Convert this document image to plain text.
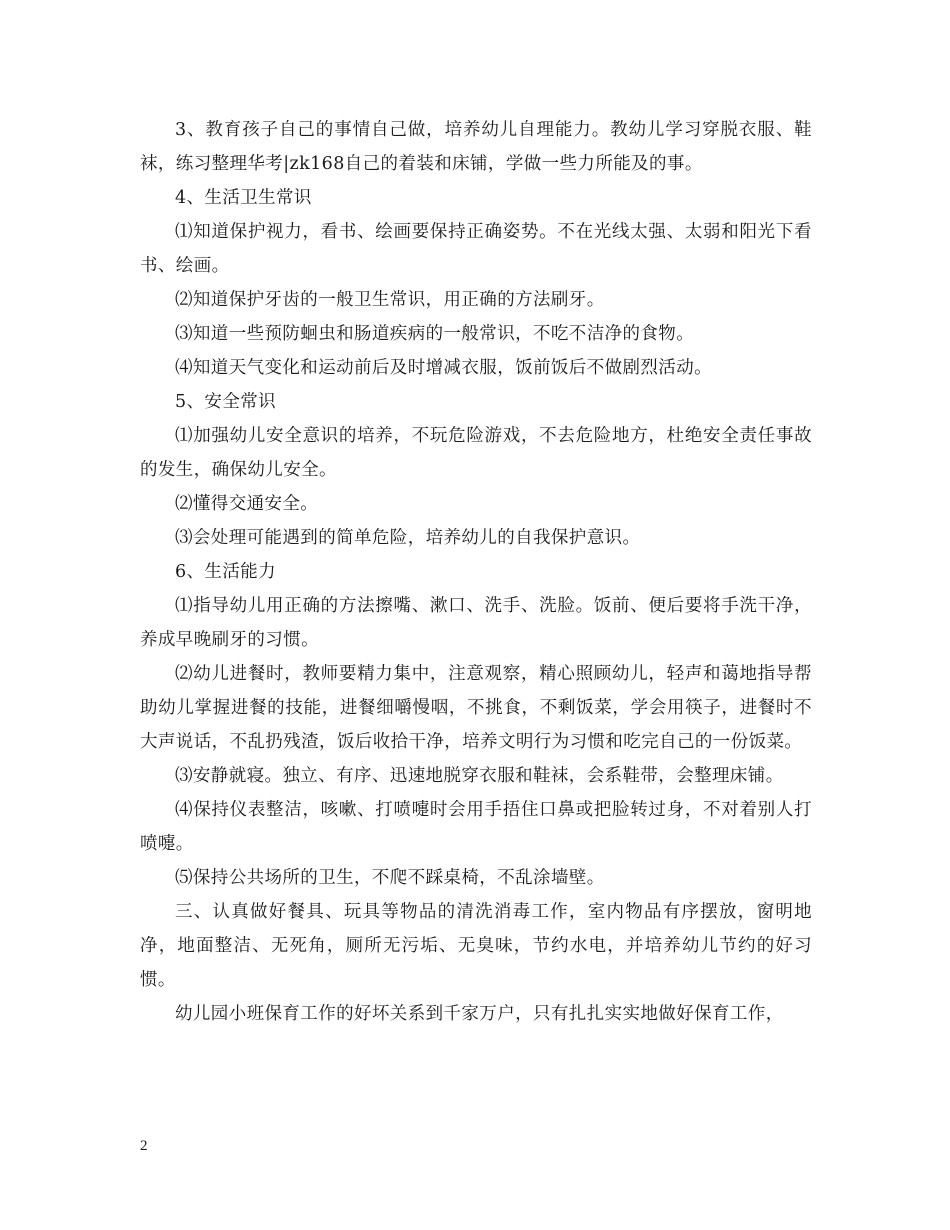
3、教育孩子自己的事情自己做，培养幼儿自理能力。教幼儿学习穿脱衣服、鞋袜，练习整理华考|zk168自己的着装和床铺，学做一些力所能及的事。

4、生活卫生常识

⑴知道保护视力，看书、绘画要保持正确姿势。不在光线太强、太弱和阳光下看书、绘画。

⑵知道保护牙齿的一般卫生常识，用正确的方法刷牙。

⑶知道一些预防蛔虫和肠道疾病的一般常识，不吃不洁净的食物。

⑷知道天气变化和运动前后及时增减衣服，饭前饭后不做剧烈活动。

5、安全常识

⑴加强幼儿安全意识的培养，不玩危险游戏，不去危险地方，杜绝安全责任事故的发生，确保幼儿安全。

⑵懂得交通安全。

⑶会处理可能遇到的简单危险，培养幼儿的自我保护意识。

6、生活能力

⑴指导幼儿用正确的方法擦嘴、漱口、洗手、洗脸。饭前、便后要将手洗干净，养成早晚刷牙的习惯。

⑵幼儿进餐时，教师要精力集中，注意观察，精心照顾幼儿，轻声和蔼地指导帮助幼儿掌握进餐的技能，进餐细嚼慢咽，不挑食，不剩饭菜，学会用筷子，进餐时不大声说话，不乱扔残渣，饭后收拾干净，培养文明行为习惯和吃完自己的一份饭菜。

⑶安静就寝。独立、有序、迅速地脱穿衣服和鞋袜，会系鞋带，会整理床铺。

⑷保持仪表整洁，咳嗽、打喷嚏时会用手捂住口鼻或把脸转过身，不对着别人打喷嚏。

⑸保持公共场所的卫生，不爬不踩桌椅，不乱涂墙壁。

三、认真做好餐具、玩具等物品的清洗消毒工作，室内物品有序摆放，窗明地净，地面整洁、无死角，厕所无污垢、无臭味，节约水电，并培养幼儿节约的好习惯。

幼儿园小班保育工作的好坏关系到千家万户，只有扎扎实实地做好保育工作，

2
